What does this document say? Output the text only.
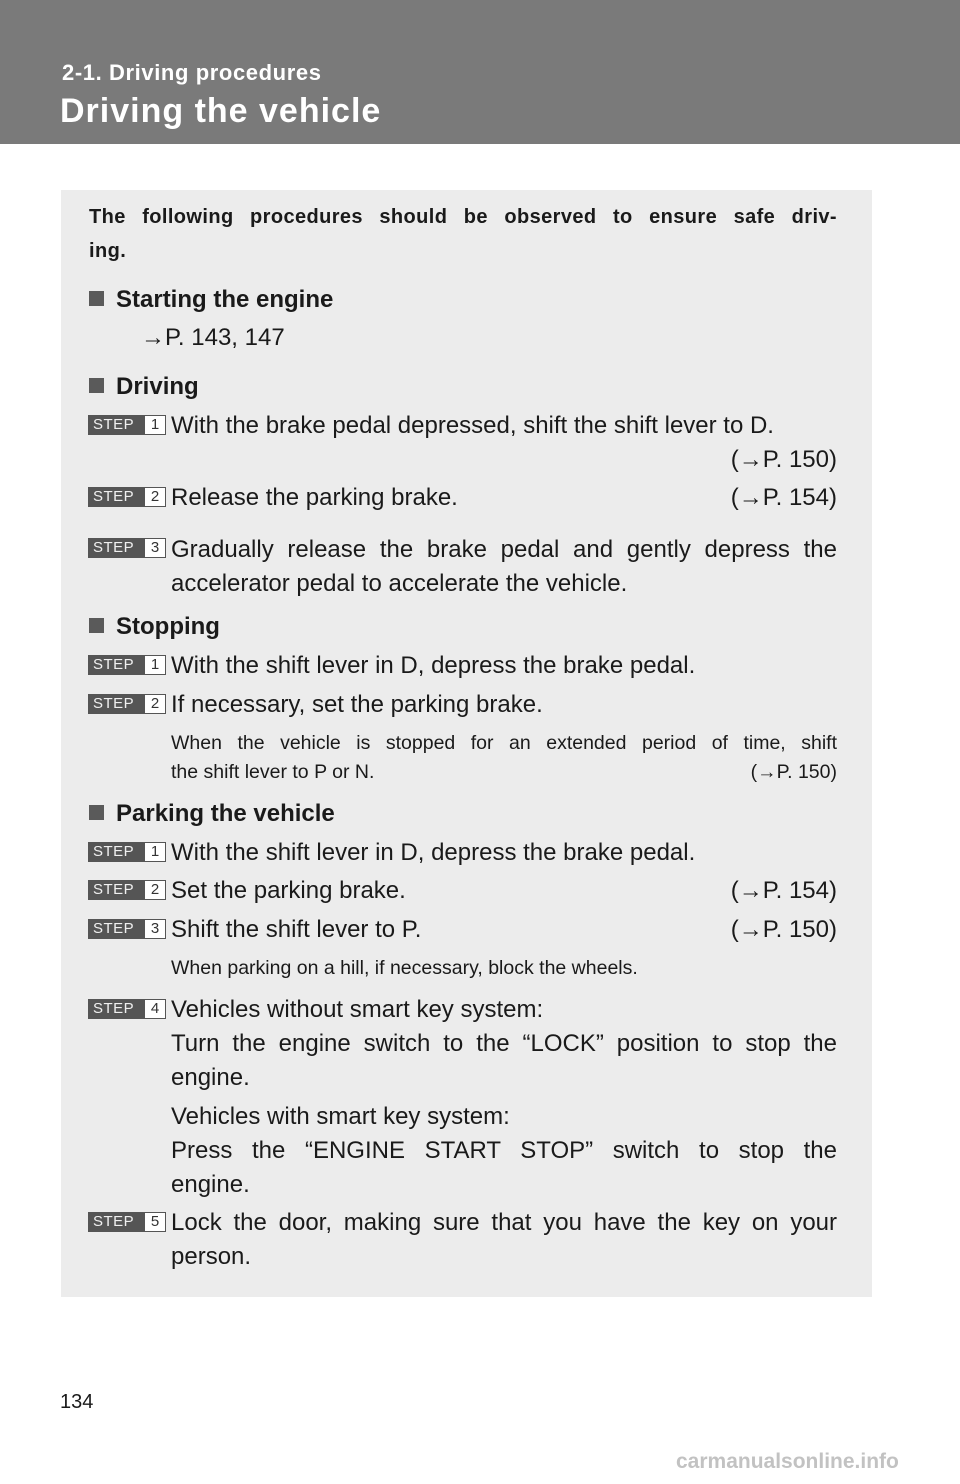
2-1. Driving procedures
Driving the vehicle
The following procedures should be observed to ensure safe driv-
ing.
Starting the engine
→P. 143, 147
Driving
STEP	1 With the brake pedal depressed, shift the shift lever to D.
(→P. 150)
STEP	2 Release the parking brake.	(→P. 154)
STEP	3 Gradually release the brake pedal and gently depress the
accelerator pedal to accelerate the vehicle.
Stopping
STEP	1 With the shift lever in D, depress the brake pedal.
STEP	2 If necessary, set the parking brake.
When the vehicle is stopped for an extended period of time, shift
the shift lever to P or N.	(→P. 150)
Parking the vehicle
STEP	1 With the shift lever in D, depress the brake pedal.
STEP	2 Set the parking brake.	(→P. 154)
STEP	3 Shift the shift lever to P.	(→P. 150)
When parking on a hill, if necessary, block the wheels.
STEP	4 Vehicles without smart key system:
Turn the engine switch to the “LOCK” position to stop the
engine.
Vehicles with smart key system:
Press the “ENGINE START STOP” switch to stop the
engine.
STEP	5 Lock the door, making sure that you have the key on your
person.
134
carmanualsonline.info
